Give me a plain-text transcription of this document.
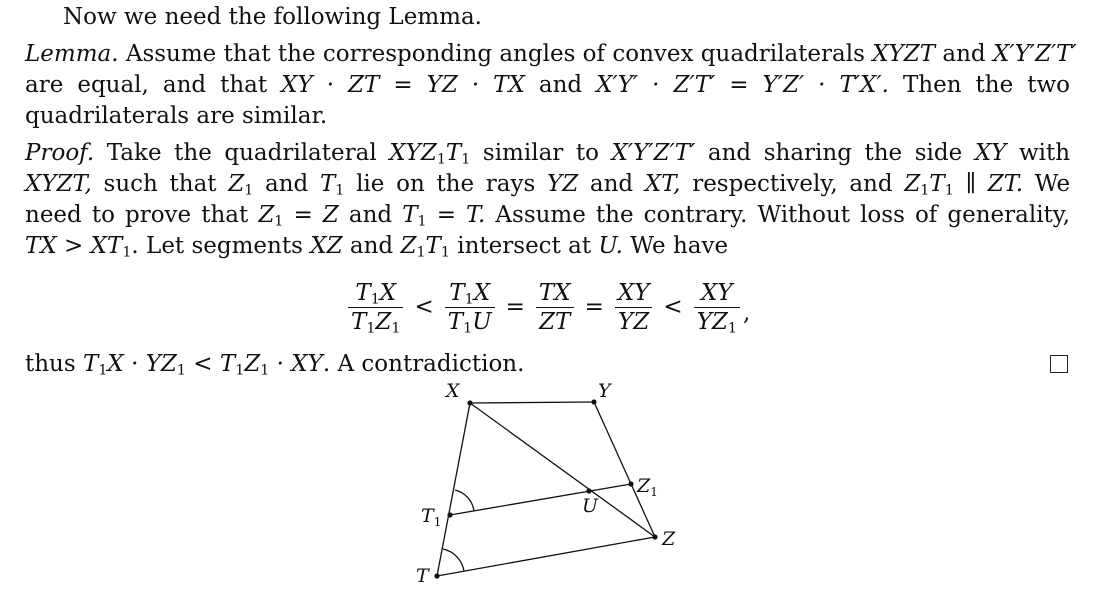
Now we need the following Lemma.
Lemma. Assume that the corresponding angles of convex quadrilaterals XYZT and X′Y′Z′T′
are equal, and that XY · ZT = YZ · TX and X′Y′ · Z′T′ = Y′Z′ · T′X′. Then the two
quadrilaterals are similar.
Proof. Take the quadrilateral $XYZ_1T_1$ similar to X′Y′Z′T′ and sharing the side XY with
XYZT, such that $Z_1$ and $T_1$ lie on the rays YZ and XT, respectively, and $Z_1T_1$ ∥ ZT. We
need to prove that $Z_1 = Z$ and $T_1 = T$. Assume the contrary. Without loss of generality,
TX > $XT_1$. Let segments XZ and $Z_1T_1$ intersect at U. We have
$\frac{T_1X}{T_1Z_1} < \frac{T_1X}{T_1U} = \frac{TX}{ZT} = \frac{XY}{YZ} < \frac{XY}{YZ_1}$ ,
thus $T_1X \cdot YZ_1 < T_1Z_1$ · XY. A contradiction.
X	Y
$Z_1$
U
$T_1$
Z
T
